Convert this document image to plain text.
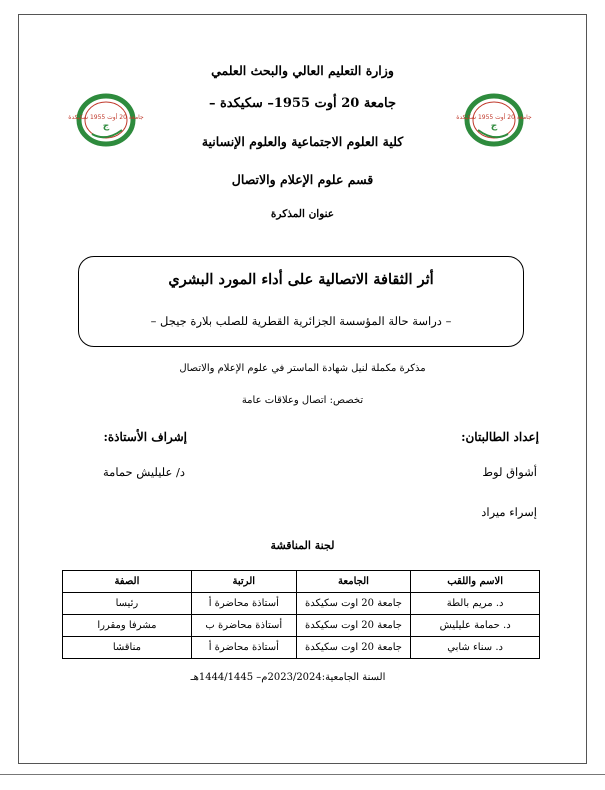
جامعة 20 أوت 1955 سكيكدة
ج
جامعة 20 أوت 1955 سكيكدة
ج
وزارة التعليم العالي والبحث العلمي
جامعة 20 أوت 1955– سكيكدة –
كلية العلوم الاجتماعية والعلوم الإنسانية
قسم علوم الإعلام والاتصال
عنوان المذكرة
أثر الثقافة الاتصالية على أداء المورد البشري
– دراسة حالة المؤسسة الجزائرية القطرية للصلب بلارة جيجل –
مذكرة مكملة لنيل شهادة الماستر في علوم الإعلام والاتصال
تخصص: اتصال وعلاقات عامة
إعداد الطالبتان:
إشراف الأستاذة:
أشواق لوط
د/ عليليش حمامة
إسراء ميراد
لجنة المناقشة
الاسم واللقب	الجامعة	الرتبة	الصفة
د. مريم بالطة	جامعة 20 اوت سكيكدة	أستاذة محاضرة أ	رئيسا
د. حمامة عليليش	جامعة 20 اوت سكيكدة	أستاذة محاضرة ب	مشرفا ومقررا
د. سناء شابي	جامعة 20 اوت سكيكدة	أستاذة محاضرة أ	مناقشا
السنة الجامعية:2023/2024م– 1444/1445هـ
